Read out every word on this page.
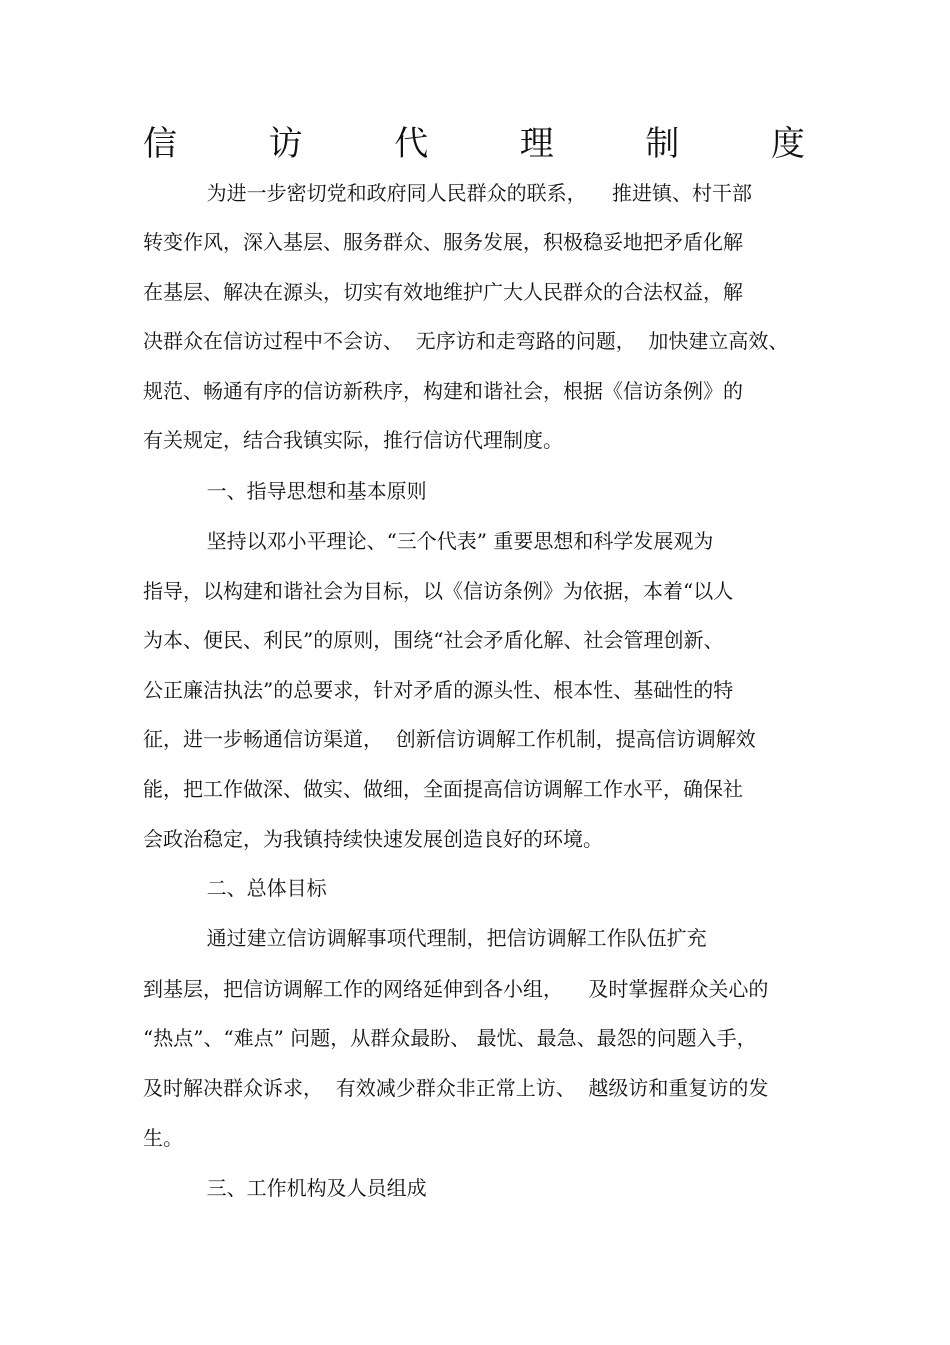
信	访	代	理	制	度
为进一步密切党和政府同人民群众的联系，    推进镇、村干部
转变作风，深入基层、服务群众、服务发展，积极稳妥地把矛盾化解
在基层、解决在源头，切实有效地维护广大人民群众的合法权益，解
决群众在信访过程中不会访、  无序访和走弯路的问题，  加快建立高效、
规范、畅通有序的信访新秩序，构建和谐社会，根据《信访条例》的
有关规定，结合我镇实际，推行信访代理制度。
一、指导思想和基本原则
坚持以邓小平理论、“三个代表” 重要思想和科学发展观为
指导，以构建和谐社会为目标，以《信访条例》为依据，本着“以人
为本、便民、利民”的原则，围绕“社会矛盾化解、社会管理创新、
公正廉洁执法”的总要求，针对矛盾的源头性、根本性、基础性的特
征，进一步畅通信访渠道，  创新信访调解工作机制，提高信访调解效
能，把工作做深、做实、做细，全面提高信访调解工作水平，确保社
会政治稳定，为我镇持续快速发展创造良好的环境。
二、总体目标
通过建立信访调解事项代理制，把信访调解工作队伍扩充
到基层，把信访调解工作的网络延伸到各小组，    及时掌握群众关心的
“热点”、“难点” 问题，从群众最盼、 最忧、最急、最怨的问题入手，
及时解决群众诉求，  有效减少群众非正常上访、  越级访和重复访的发
生。
三、工作机构及人员组成
